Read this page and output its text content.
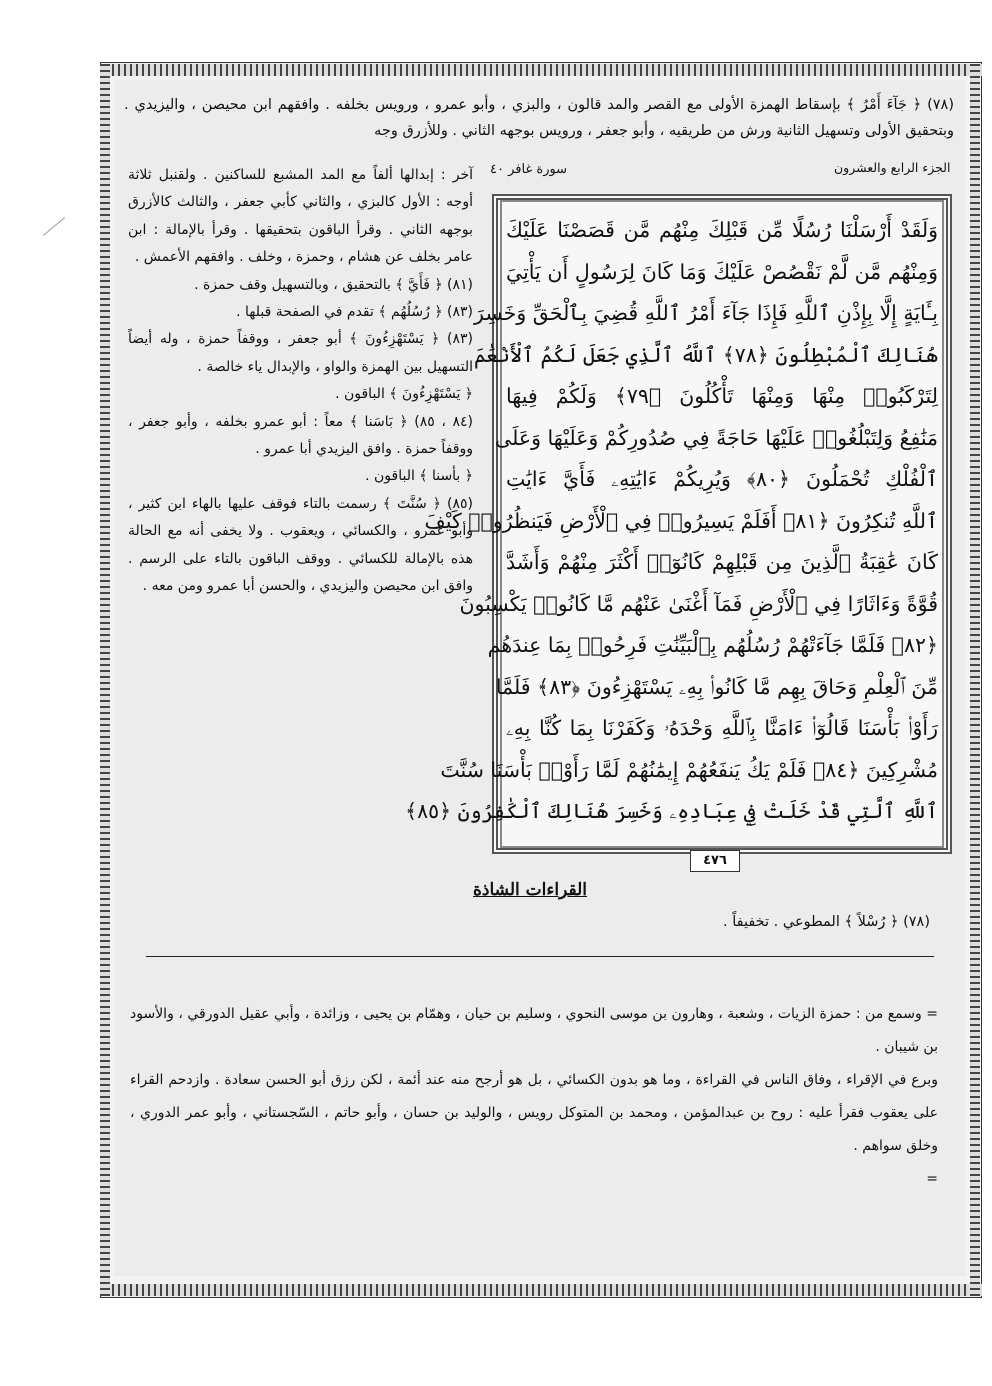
(٧٨) ﴿ جَآءَ أَمْرُ ﴾ بإسقاط الهمزة الأولى مع القصر والمد قالون ، والبزي ، وأبو عمرو ، ورويس بخلفه . وافقهم ابن محيصن ، واليزيدي . وبتحقيق الأولى وتسهيل الثانية ورش من طريقيه ، وأبو جعفر ، ورويس بوجهه الثاني . وللأزرق وجه
الجزء الرابع والعشرون
سورة غافر ٤٠

آخر : إبدالها ألفاً مع المد المشبع للساكنين . ولقنبل ثلاثة أوجه : الأول كالبزي ، والثاني كأبي جعفر ، والثالث كالأزرق بوجهه الثاني . وقرأ الباقون بتحقيقها . وقرأ بالإمالة : ابن عامر بخلف عن هشام ، وحمزة ، وخلف . وافقهم الأعمش .

(٨١) ﴿ فَأَيَّ ﴾ بالتحقيق ، وبالتسهيل وقف حمزة .

(٨٣) ﴿ رُسُلُهُم ﴾ تقدم في الصفحة قبلها .

(٨٣) ﴿ يَسْتَهْزِءُونَ ﴾ أبو جعفر ، ووقفاً حمزة ، وله أيضاً التسهيل بين الهمزة والواو ، والإبدال ياء خالصة .

﴿ يَسْتَهْزِءُونَ ﴾ الباقون .

(٨٤ ، ٨٥) ﴿ بَاسَنا ﴾ معاً : أبو عمرو بخلفه ، وأبو جعفر ، ووقفاً حمزة . وافق اليزيدي أبا عمرو .

﴿ بأسنا ﴾ الباقون .

(٨٥) ﴿ سُنَّتَ ﴾ رسمت بالتاء فوقف عليها بالهاء ابن كثير ، وأبو عمرو ، والكسائي ، ويعقوب . ولا يخفى أنه مع الحالة هذه بالإمالة للكسائي . ووقف الباقون بالتاء على الرسم . وافق ابن محيصن واليزيدي ، والحسن أبا عمرو ومن معه .

وَلَقَدْ أَرْسَلْنَا رُسُلًا مِّن قَبْلِكَ مِنْهُم مَّن قَصَصْنَا عَلَيْكَ
وَمِنْهُم مَّن لَّمْ نَقْصُصْ عَلَيْكَ وَمَا كَانَ لِرَسُولٍ أَن يَأْتِيَ
بِـَٔايَةٍ إِلَّا بِإِذْنِ ٱللَّهِ فَإِذَا جَآءَ أَمْرُ ٱللَّهِ قُضِيَ بِٱلْحَقِّ وَخَسِرَ
هُنَالِكَ ٱلْمُبْطِلُونَ ﴿٧٨﴾ ٱللَّهُ ٱلَّذِي جَعَلَ لَكُمُ ٱلْأَنْعَٰمَ
لِتَرْكَبُوا۟ مِنْهَا وَمِنْهَا تَأْكُلُونَ ﴿٧٩﴾ وَلَكُمْ فِيهَا
مَنَٰفِعُ وَلِتَبْلُغُوا۟ عَلَيْهَا حَاجَةً فِي صُدُورِكُمْ وَعَلَيْهَا وَعَلَى
ٱلْفُلْكِ تُحْمَلُونَ ﴿٨٠﴾ وَيُرِيكُمْ ءَايَٰتِهِۦ فَأَيَّ ءَايَٰتِ
ٱللَّهِ تُنكِرُونَ ﴿٨١﴾ أَفَلَمْ يَسِيرُوا۟ فِي ٱلْأَرْضِ فَيَنظُرُوا۟ كَيْفَ
كَانَ عَٰقِبَةُ ٱلَّذِينَ مِن قَبْلِهِمْ كَانُوٓا۟ أَكْثَرَ مِنْهُمْ وَأَشَدَّ
قُوَّةً وَءَاثَارًا فِي ٱلْأَرْضِ فَمَآ أَغْنَىٰ عَنْهُم مَّا كَانُوا۟ يَكْسِبُونَ
﴿٨٢﴾ فَلَمَّا جَآءَتْهُمْ رُسُلُهُم بِٱلْبَيِّنَٰتِ فَرِحُوا۟ بِمَا عِندَهُم
مِّنَ ٱلْعِلْمِ وَحَاقَ بِهِم مَّا كَانُوا۟ بِهِۦ يَسْتَهْزِءُونَ ﴿٨٣﴾ فَلَمَّا
رَأَوْا۟ بَأْسَنَا قَالُوٓا۟ ءَامَنَّا بِٱللَّهِ وَحْدَهُۥ وَكَفَرْنَا بِمَا كُنَّا بِهِۦ
مُشْرِكِينَ ﴿٨٤﴾ فَلَمْ يَكُ يَنفَعُهُمْ إِيمَٰنُهُمْ لَمَّا رَأَوْا۟ بَأْسَنَا سُنَّتَ
ٱللَّهِ ٱلَّتِي قَدْ خَلَتْ فِي عِبَادِهِۦ وَخَسِرَ هُنَالِكَ ٱلْكَٰفِرُونَ ﴿٨٥﴾
٤٧٦
القراءات الشاذة
(٧٨) ﴿ رُسْلاً ﴾ المطوعي . تخفيفاً .

= وسمع من : حمزة الزيات ، وشعبة ، وهارون بن موسى النحوي ، وسليم بن حيان ، وهمّام بن يحيى ، وزائدة ، وأبي عقيل الدورقي ، والأسود بن شيبان .

وبرع في الإقراء ، وفاق الناس في القراءة ، وما هو بدون الكسائي ، بل هو أرجح منه عند أئمة ، لكن رزق أبو الحسن سعادة . وازدحم القراء على يعقوب فقرأ عليه : روح بن عبدالمؤمن ، ومحمد بن المتوكل رويس ، والوليد بن حسان ، وأبو حاتم ، السّجستاني ، وأبو عمر الدوري ، وخلق سواهم .

=
